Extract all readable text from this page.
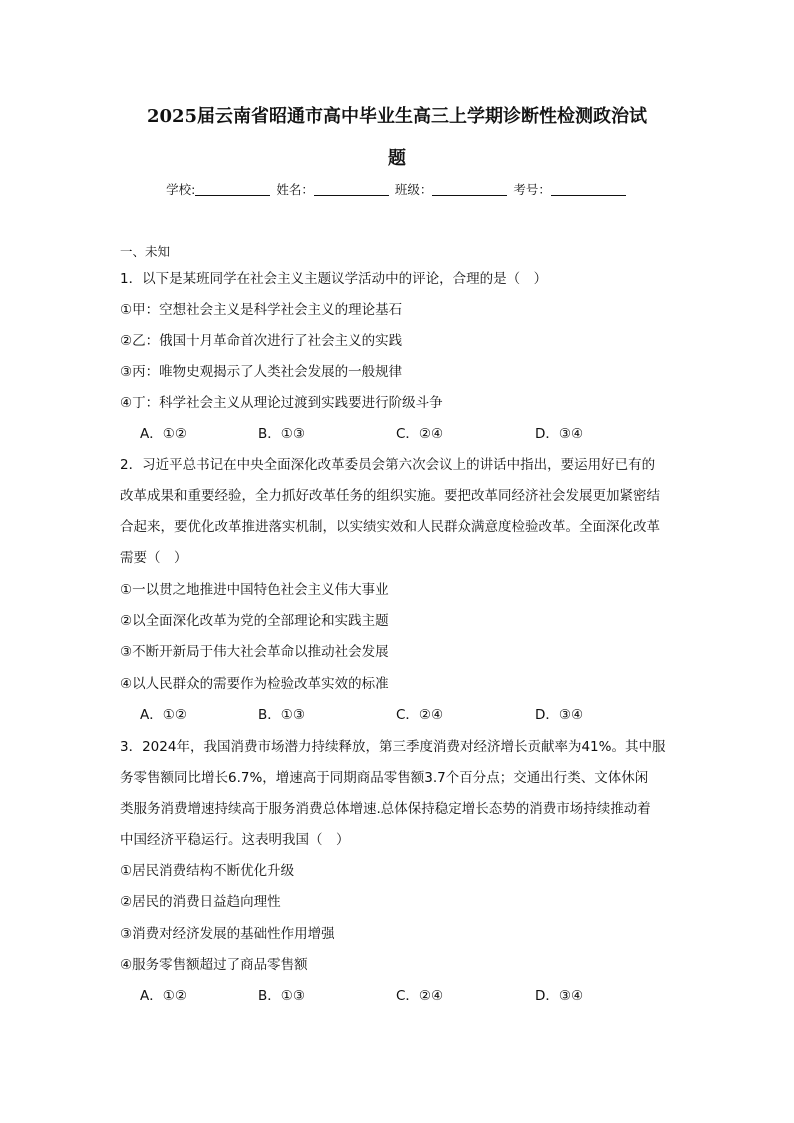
2025届云南省昭通市高中毕业生高三上学期诊断性检测政治试
题
学校:	姓名：	班级：	考号：
一、未知
1．以下是某班同学在社会主义主题议学活动中的评论，合理的是（　）
①甲：空想社会主义是科学社会主义的理论基石
②乙：俄国十月革命首次进行了社会主义的实践
③丙：唯物史观揭示了人类社会发展的一般规律
④丁：科学社会主义从理论过渡到实践要进行阶级斗争
A．①②	B．①③	C．②④	D．③④
2．习近平总书记在中央全面深化改革委员会第六次会议上的讲话中指出，要运用好已有的
改革成果和重要经验，全力抓好改革任务的组织实施。要把改革同经济社会发展更加紧密结
合起来，要优化改革推进落实机制，以实绩实效和人民群众满意度检验改革。全面深化改革
需要（　）
①一以贯之地推进中国特色社会主义伟大事业
②以全面深化改革为党的全部理论和实践主题
③不断开新局于伟大社会革命以推动社会发展
④以人民群众的需要作为检验改革实效的标准
A．①②	B．①③	C．②④	D．③④
3．2024年，我国消费市场潜力持续释放，第三季度消费对经济增长贡献率为41%。其中服
务零售额同比增长6.7%，增速高于同期商品零售额3.7个百分点；交通出行类、文体休闲
类服务消费增速持续高于服务消费总体增速.总体保持稳定增长态势的消费市场持续推动着
中国经济平稳运行。这表明我国（　）
①居民消费结构不断优化升级
②居民的消费日益趋向理性
③消费对经济发展的基础性作用增强
④服务零售额超过了商品零售额
A．①②	B．①③	C．②④	D．③④
